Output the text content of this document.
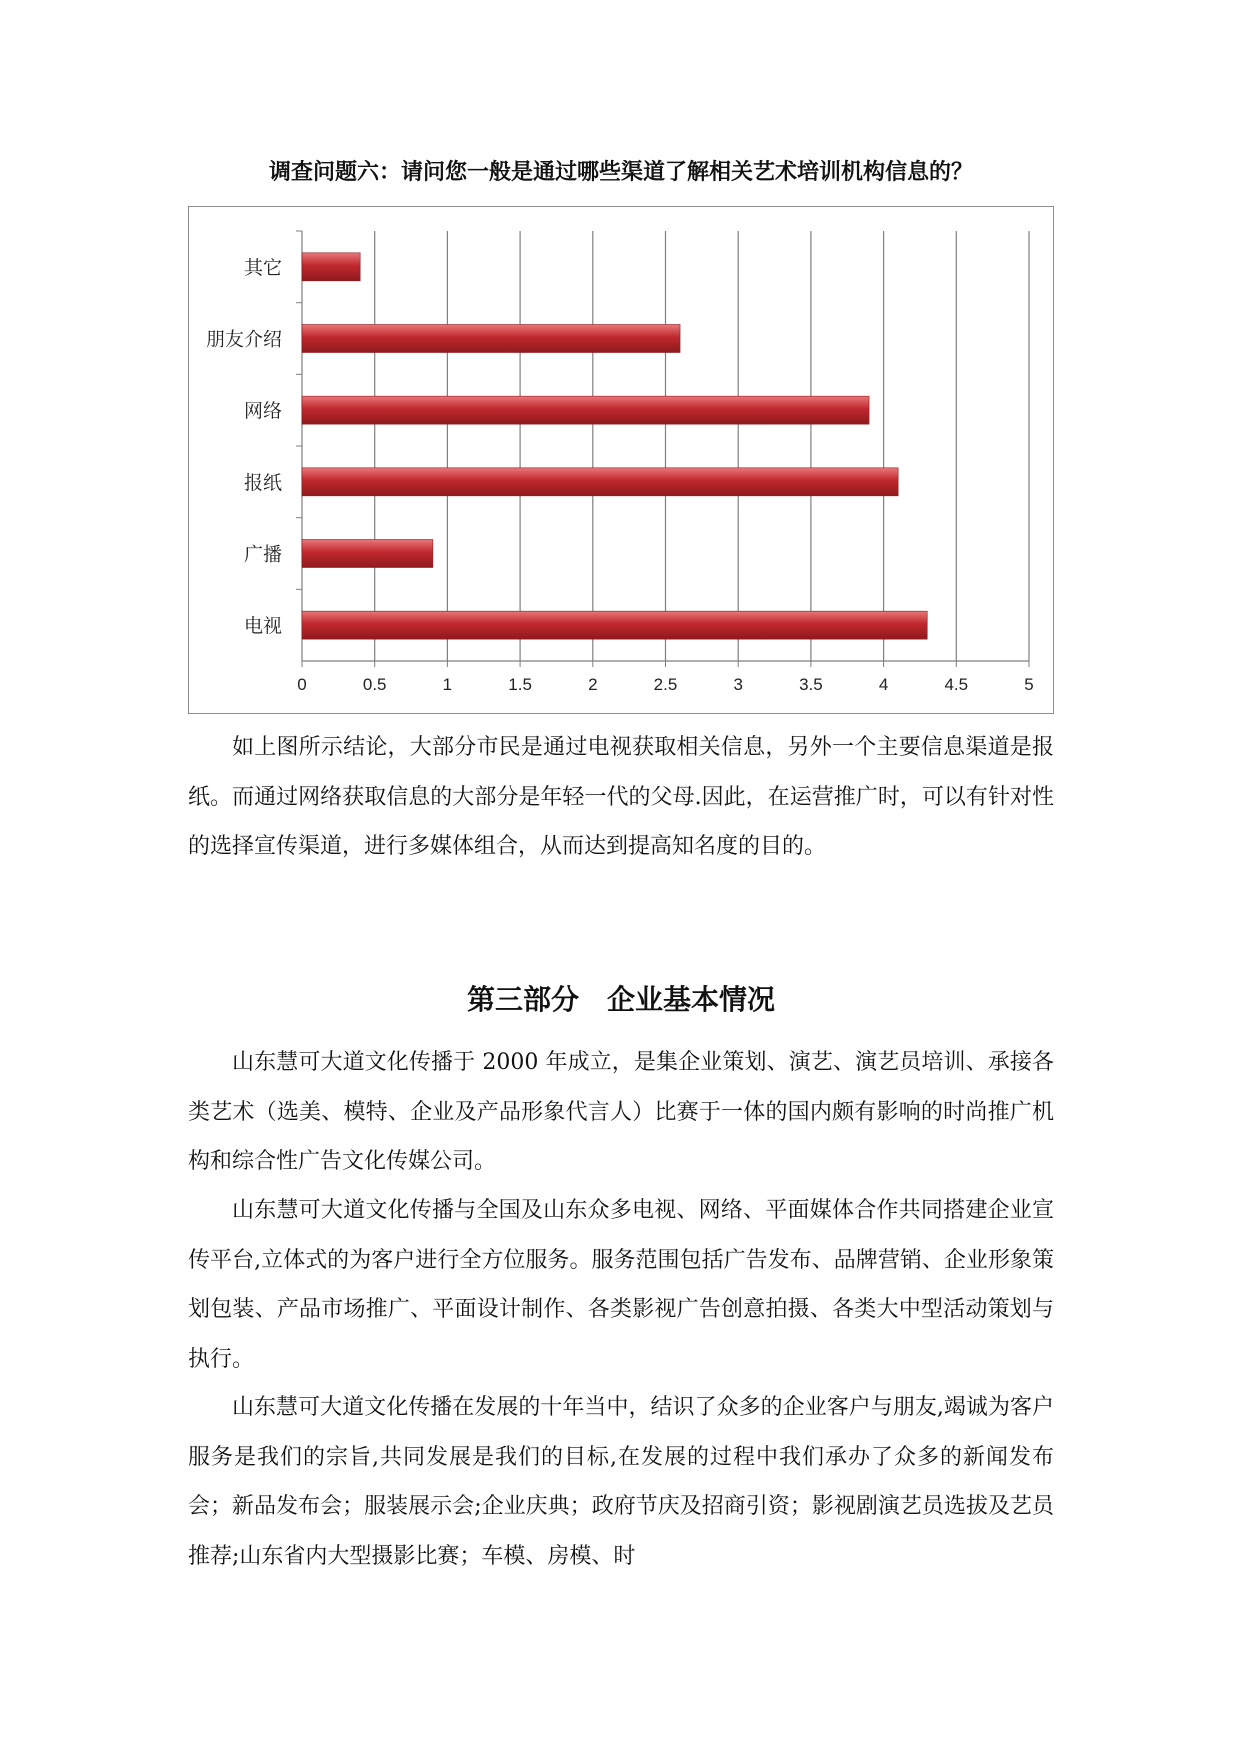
调查问题六：请问您一般是通过哪些渠道了解相关艺术培训机构信息的？
0	0.5	1	1.5	2	2.5	3	3.5	4	4.5	5
其它
朋友介绍
网络
报纸
广播
电视

如上图所示结论，大部分市民是通过电视获取相关信息，另外一个主要信息渠道是报纸。而通过网络获取信息的大部分是年轻一代的父母.因此，在运营推广时，可以有针对性的选择宣传渠道，进行多媒体组合，从而达到提高知名度的目的。

第三部分　企业基本情况

山东慧可大道文化传播于 2000 年成立，是集企业策划、演艺、演艺员培训、承接各类艺术（选美、模特、企业及产品形象代言人）比赛于一体的国内颇有影响的时尚推广机构和综合性广告文化传媒公司。

山东慧可大道文化传播与全国及山东众多电视、网络、平面媒体合作共同搭建企业宣传平台,立体式的为客户进行全方位服务。服务范围包括广告发布、品牌营销、企业形象策划包装、产品市场推广、平面设计制作、各类影视广告创意拍摄、各类大中型活动策划与执行。

山东慧可大道文化传播在发展的十年当中，结识了众多的企业客户与朋友,竭诚为客户服务是我们的宗旨,共同发展是我们的目标,在发展的过程中我们承办了众多的新闻发布会；新品发布会；服装展示会;企业庆典；政府节庆及招商引资；影视剧演艺员选拔及艺员推荐;山东省内大型摄影比赛；车模、房模、时
